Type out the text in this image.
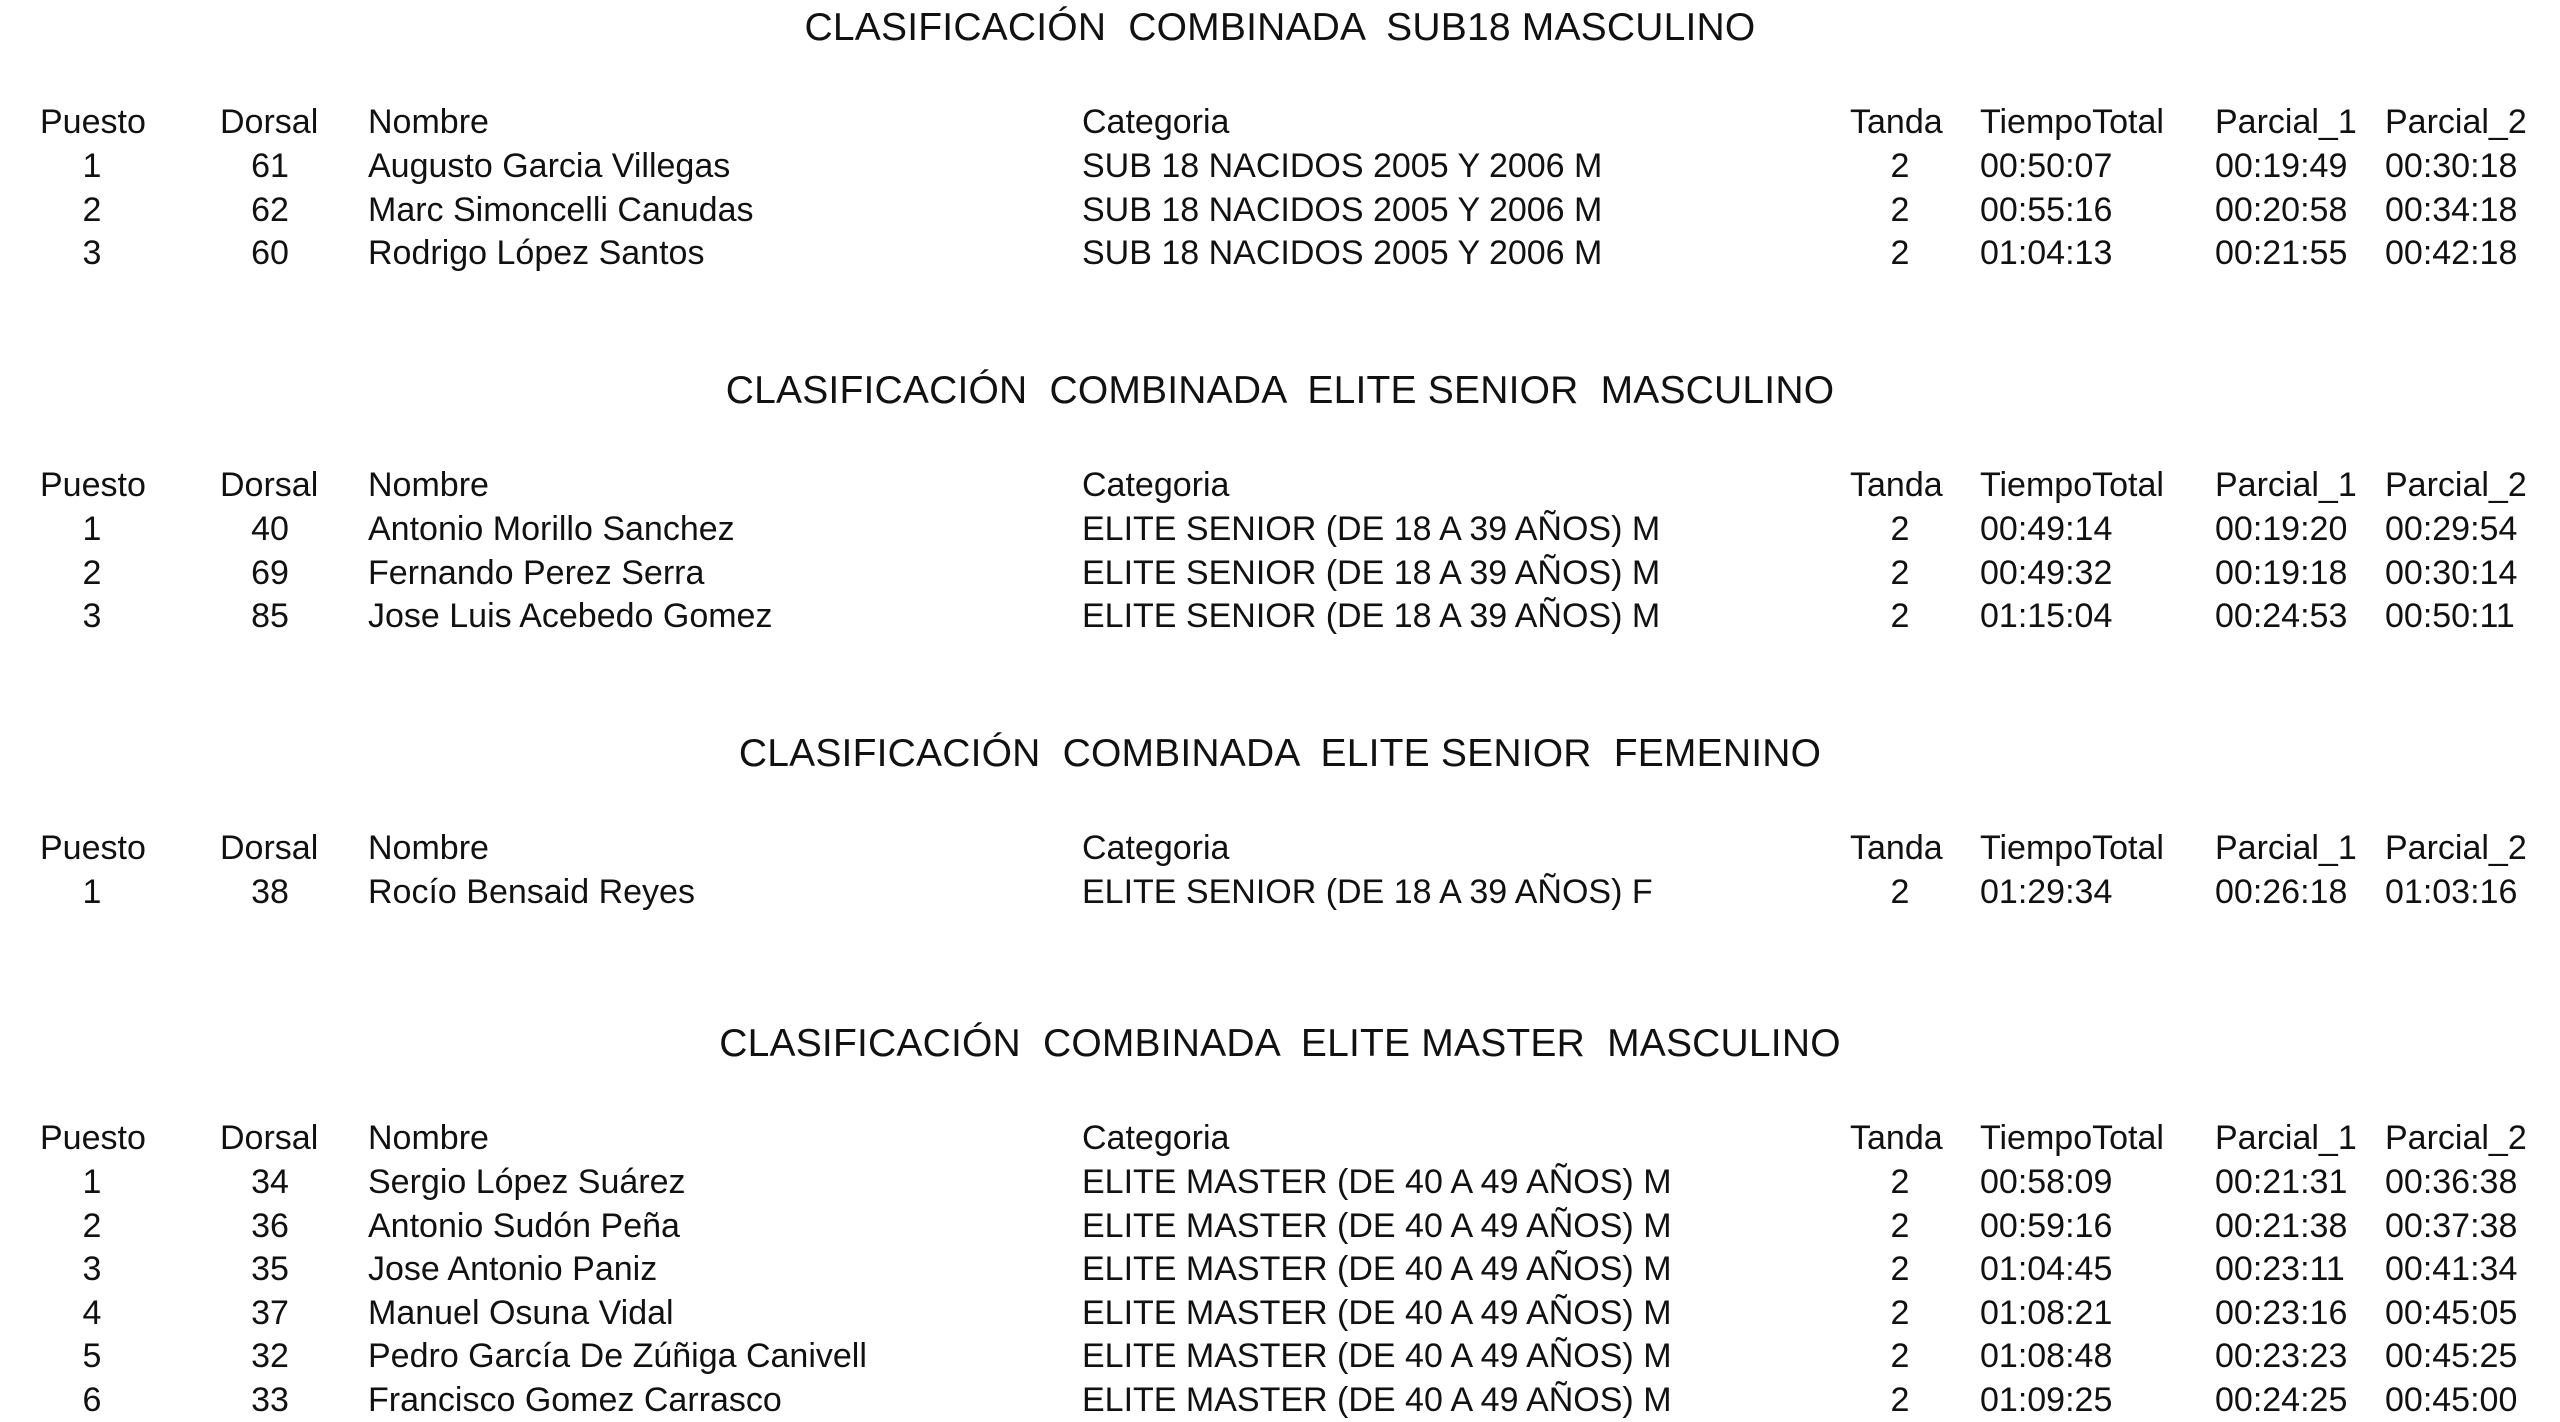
CLASIFICACIÓN  COMBINADA  SUB18 MASCULINO
Puesto Dorsal Nombre	Categoria	Tanda TiempoTotal Parcial_1 Parcial_2
1	61	Augusto Garcia Villegas	SUB 18 NACIDOS 2005 Y 2006 M	2	00:50:07	00:19:49 00:30:18
2	62	Marc Simoncelli Canudas	SUB 18 NACIDOS 2005 Y 2006 M	2	00:55:16	00:20:58 00:34:18
3	60	Rodrigo López Santos	SUB 18 NACIDOS 2005 Y 2006 M	2	01:04:13	00:21:55 00:42:18
CLASIFICACIÓN  COMBINADA  ELITE SENIOR  MASCULINO
Puesto Dorsal Nombre	Categoria	Tanda TiempoTotal Parcial_1 Parcial_2
1	40	Antonio Morillo Sanchez	ELITE SENIOR (DE 18 A 39 AÑOS) M	2	00:49:14	00:19:20 00:29:54
2	69	Fernando Perez Serra	ELITE SENIOR (DE 18 A 39 AÑOS) M	2	00:49:32	00:19:18 00:30:14
3	85	Jose Luis Acebedo Gomez	ELITE SENIOR (DE 18 A 39 AÑOS) M	2	01:15:04	00:24:53 00:50:11
CLASIFICACIÓN  COMBINADA  ELITE SENIOR  FEMENINO
Puesto Dorsal Nombre	Categoria	Tanda TiempoTotal Parcial_1 Parcial_2
1	38	Rocío Bensaid Reyes	ELITE SENIOR (DE 18 A 39 AÑOS) F	2	01:29:34	00:26:18 01:03:16
CLASIFICACIÓN  COMBINADA  ELITE MASTER  MASCULINO
Puesto Dorsal Nombre	Categoria	Tanda TiempoTotal Parcial_1 Parcial_2
1	34	Sergio López Suárez	ELITE MASTER (DE 40 A 49 AÑOS) M	2	00:58:09	00:21:31 00:36:38
2	36	Antonio Sudón Peña	ELITE MASTER (DE 40 A 49 AÑOS) M	2	00:59:16	00:21:38 00:37:38
3	35	Jose Antonio Paniz	ELITE MASTER (DE 40 A 49 AÑOS) M	2	01:04:45	00:23:11 00:41:34
4	37	Manuel Osuna Vidal	ELITE MASTER (DE 40 A 49 AÑOS) M	2	01:08:21	00:23:16 00:45:05
5	32	Pedro García De Zúñiga Canivell	ELITE MASTER (DE 40 A 49 AÑOS) M	2	01:08:48	00:23:23 00:45:25
6	33	Francisco Gomez Carrasco	ELITE MASTER (DE 40 A 49 AÑOS) M	2	01:09:25	00:24:25 00:45:00
